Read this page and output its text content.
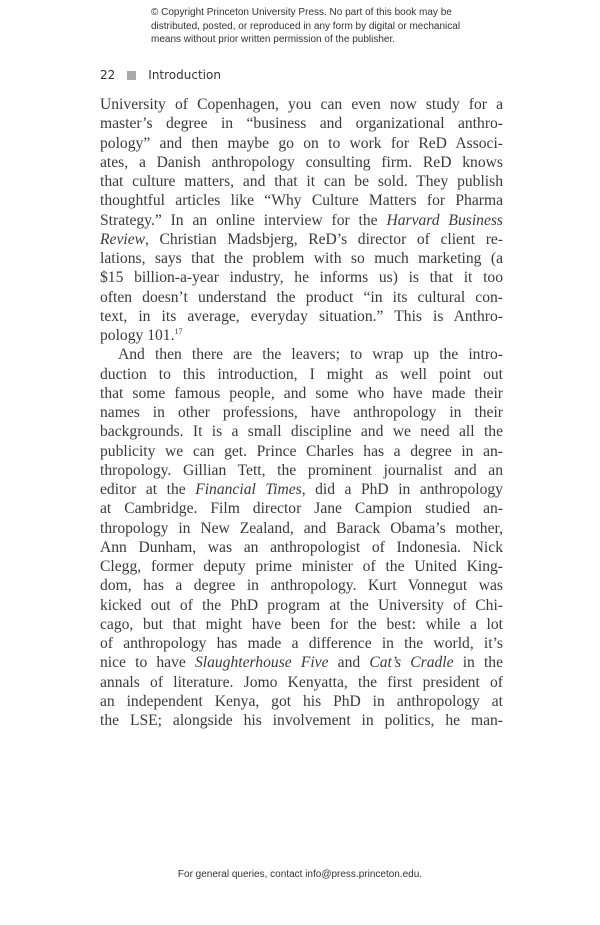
© Copyright Princeton University Press. No part of this book may be
distributed, posted, or reproduced in any form by digital or mechanical
means without prior written permission of the publisher.
22	Introduction
University of Copenhagen, you can even now study for a
master’s degree in “business and organizational anthro-
pology” and then maybe go on to work for ReD Associ-
ates, a Danish anthropology consulting firm. ReD knows
that culture matters, and that it can be sold. They publish
thoughtful articles like “Why Culture Matters for Pharma
Strategy.” In an online interview for the Harvard Business
Review, Christian Madsbjerg, ReD’s director of client re-
lations, says that the problem with so much marketing (a
$15 billion-a-year industry, he informs us) is that it too
often doesn’t understand the product “in its cultural con-
text, in its average, everyday situation.” This is Anthro-
pology 101.17
And then there are the leavers; to wrap up the intro-
duction to this introduction, I might as well point out
that some famous people, and some who have made their
names in other professions, have anthropology in their
backgrounds. It is a small discipline and we need all the
publicity we can get. Prince Charles has a degree in an-
thropology. Gillian Tett, the prominent journalist and an
editor at the Financial Times, did a PhD in anthropology
at Cambridge. Film director Jane Campion studied an-
thropology in New Zealand, and Barack Obama’s mother,
Ann Dunham, was an anthropologist of Indonesia. Nick
Clegg, former deputy prime minister of the United King-
dom, has a degree in anthropology. Kurt Vonnegut was
kicked out of the PhD program at the University of Chi-
cago, but that might have been for the best: while a lot
of anthropology has made a difference in the world, it’s
nice to have Slaughterhouse Five and Cat’s Cradle in the
annals of literature. Jomo Kenyatta, the first president of
an independent Kenya, got his PhD in anthropology at
the LSE; alongside his involvement in politics, he man-
For general queries, contact info@press.princeton.edu.
